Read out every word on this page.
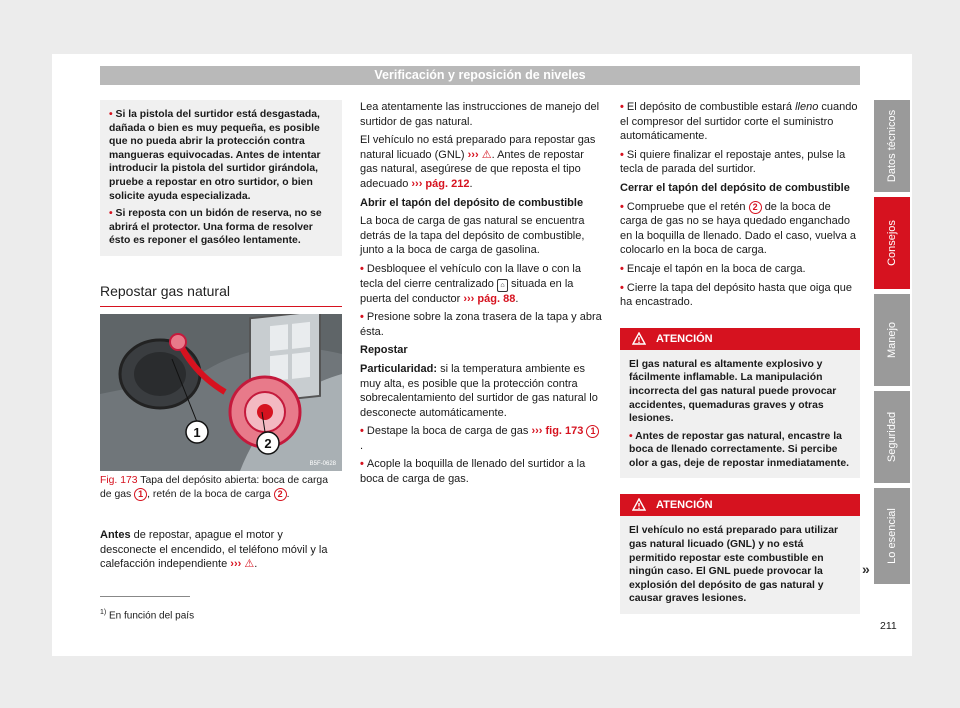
Verificación y reposición de niveles
• Si la pistola del surtidor está desgastada, dañada o bien es muy pequeña, es posible que no pueda abrir la protección contra mangueras equivocadas. Antes de intentar introducir la pistola del surtidor girándola, pruebe a repostar en otro surtidor, o bien solicite ayuda especializada.
• Si reposta con un bidón de reserva, no se abrirá el protector. Una forma de resolver ésto es reponer el gasóleo lentamente.
Repostar gas natural
1
2
B5F-0628
Fig. 173 Tapa del depósito abierta: boca de carga de gas 1 , retén de la boca de carga 2 .
Antes de repostar, apague el motor y desconecte el encendido, el teléfono móvil y la calefacción independiente ››› ⚠.

Lea atentamente las instrucciones de manejo del surtidor de gas natural.

El vehículo no está preparado para repostar gas natural licuado (GNL) ››› ⚠. Antes de repostar gas natural, asegúrese de que reposta el tipo adecuado ››› pág. 212.

Abrir el tapón del depósito de combustible

La boca de carga de gas natural se encuentra detrás de la tapa del depósito de combustible, junto a la boca de carga de gasolina.

• Desbloquee el vehículo con la llave o con la tecla del cierre centralizado ⌂ situada en la puerta del conductor ››› pág. 88.

• Presione sobre la zona trasera de la tapa y abra ésta.

Repostar

Particularidad: si la temperatura ambiente es muy alta, es posible que la protección contra sobrecalentamiento del surtidor de gas natural lo desconecte automáticamente.

• Destape la boca de carga de gas ››› fig. 173 1.

• Acople la boquilla de llenado del surtidor a la boca de carga de gas.

• El depósito de combustible estará lleno cuando el compresor del surtidor corte el suministro automáticamente.

• Si quiere finalizar el repostaje antes, pulse la tecla de parada del surtidor.

Cerrar el tapón del depósito de combustible

• Compruebe que el retén 2 de la boca de carga de gas no se haya quedado enganchado en la boquilla de llenado. Dado el caso, vuelva a colocarlo en la boca de carga.

• Encaje el tapón en la boca de carga.

• Cierre la tapa del depósito hasta que oiga que ha encastrado.

ATENCIÓN
El gas natural es altamente explosivo y fácilmente inflamable. La manipulación incorrecta del gas natural puede provocar accidentes, quemaduras graves y otras lesiones.
• Antes de repostar gas natural, encastre la boca de llenado correctamente. Si percibe olor a gas, deje de repostar inmediatamente.
ATENCIÓN
El vehículo no está preparado para utilizar gas natural licuado (GNL) y no está permitido repostar este combustible en ningún caso. El GNL puede provocar la explosión del depósito de gas natural y causar graves lesiones.
»
Datos técnicos
Consejos
Manejo
Seguridad
Lo esencial
$^{1)}$ En función del país
211
